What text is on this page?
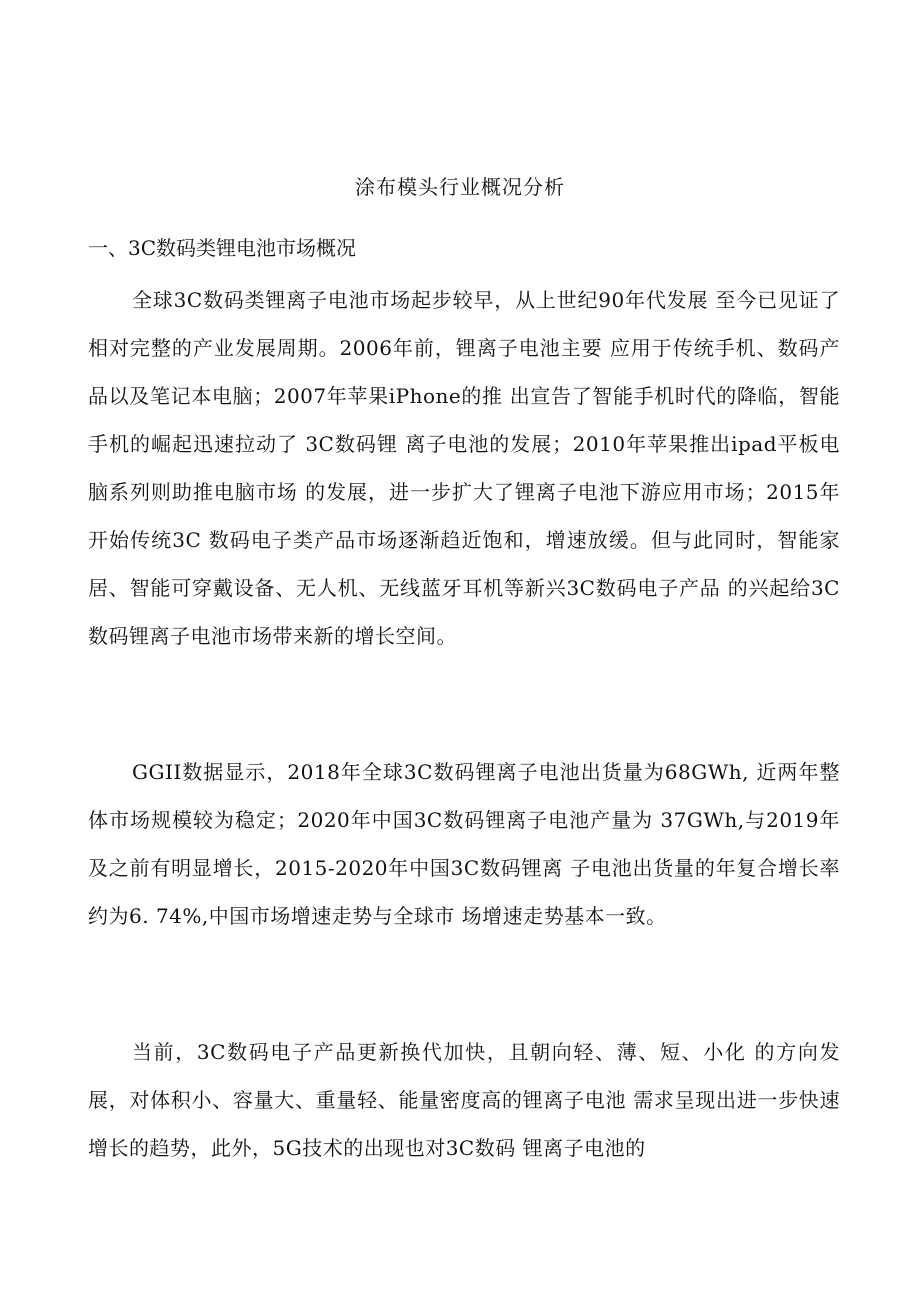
涂布模头行业概况分析
一、3C数码类锂电池市场概况

全球3C数码类锂离子电池市场起步较早，从上世纪90年代发展 至今已见证了相对完整的产业发展周期。2006年前，锂离子电池主要 应用于传统手机、数码产品以及笔记本电脑；2007年苹果iPhone的推 出宣告了智能手机时代的降临，智能手机的崛起迅速拉动了 3C数码锂 离子电池的发展；2010年苹果推出ipad平板电脑系列则助推电脑市场 的发展，进一步扩大了锂离子电池下游应用市场；2015年开始传统3C 数码电子类产品市场逐渐趋近饱和，增速放缓。但与此同时，智能家 居、智能可穿戴设备、无人机、无线蓝牙耳机等新兴3C数码电子产品 的兴起给3C数码锂离子电池市场带来新的增长空间。

GGII数据显示，2018年全球3C数码锂离子电池出货量为68GWh, 近两年整体市场规模较为稳定；2020年中国3C数码锂离子电池产量为 37GWh,与2019年及之前有明显增长，2015-2020年中国3C数码锂离 子电池出货量的年复合增长率约为6. 74%,中国市场增速走势与全球市 场增速走势基本一致。

当前，3C数码电子产品更新换代加快，且朝向轻、薄、短、小化 的方向发展，对体积小、容量大、重量轻、能量密度高的锂离子电池 需求呈现出进一步快速增长的趋势，此外，5G技术的出现也对3C数码 锂离子电池的
